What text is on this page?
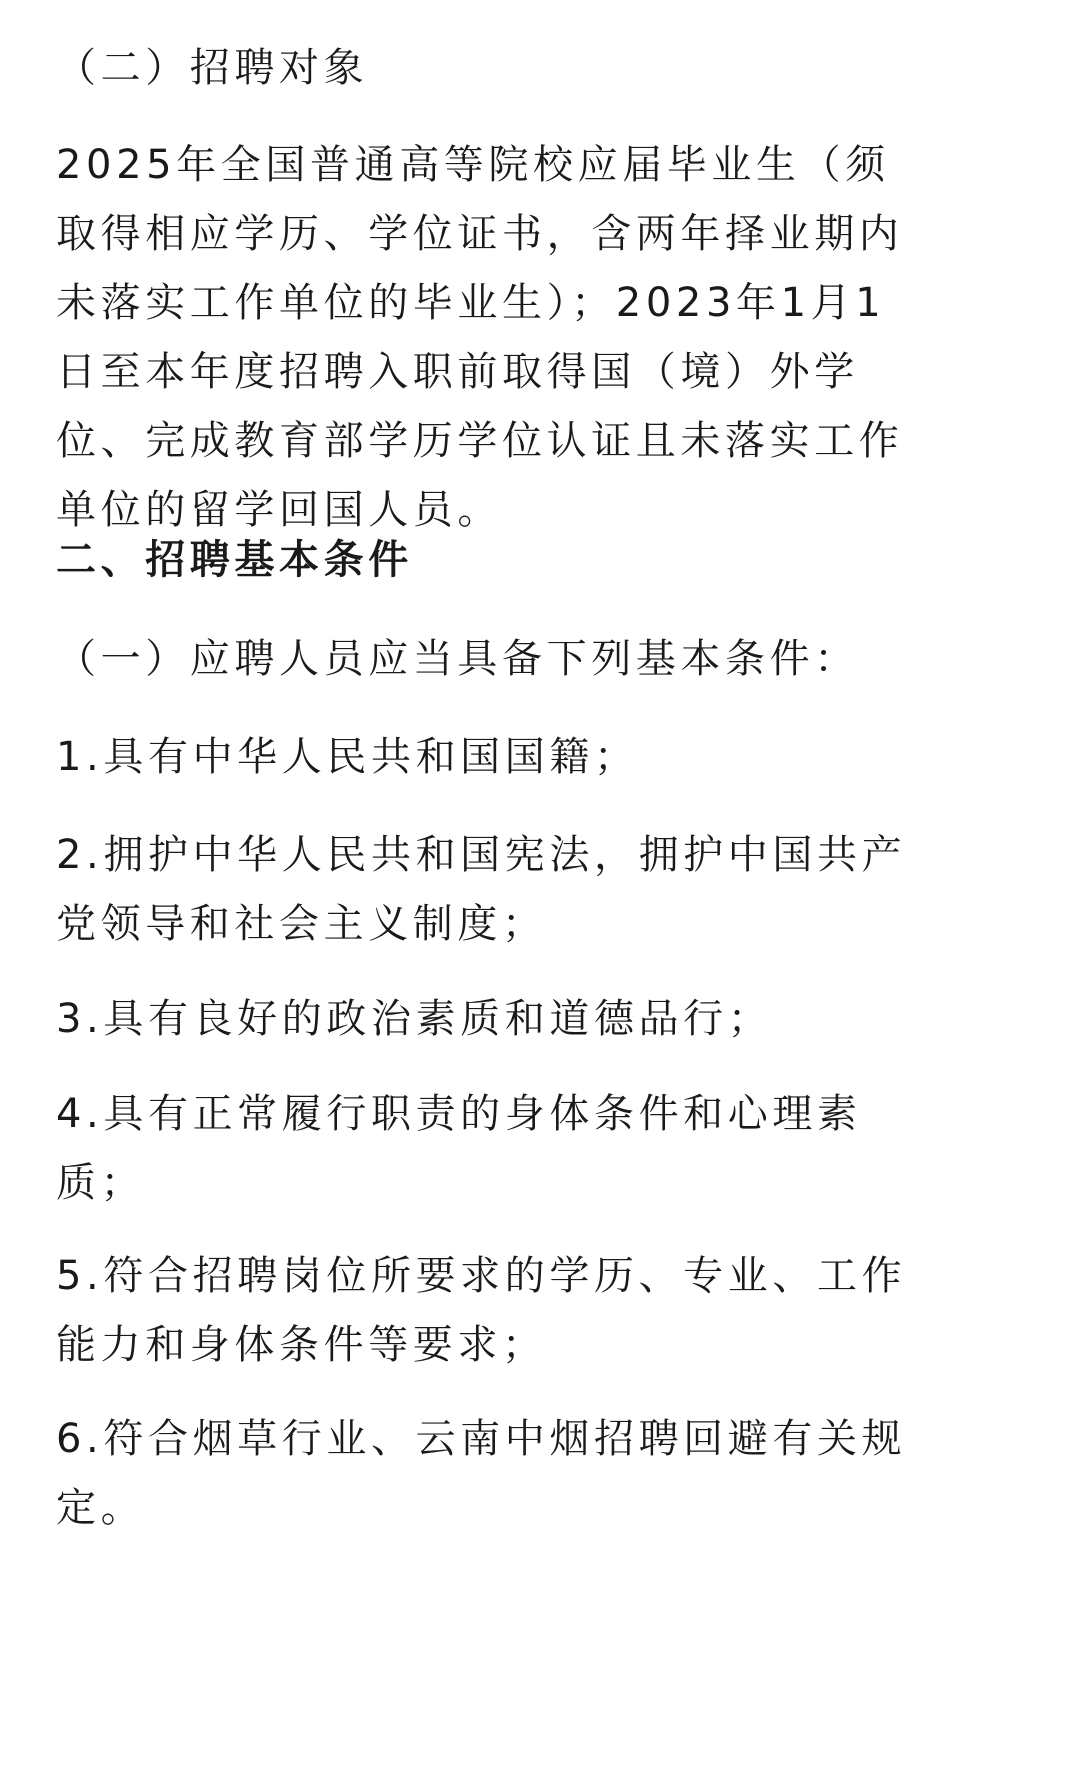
（二）招聘对象
2025年全国普通高等院校应届毕业生（须
取得相应学历、学位证书，含两年择业期内
未落实工作单位的毕业生）；2023年1月1
日至本年度招聘入职前取得国（境）外学
位、完成教育部学历学位认证且未落实工作
单位的留学回国人员。
二、招聘基本条件
（一）应聘人员应当具备下列基本条件：
1.具有中华人民共和国国籍；
2.拥护中华人民共和国宪法，拥护中国共产
党领导和社会主义制度；
3.具有良好的政治素质和道德品行；
4.具有正常履行职责的身体条件和心理素
质；
5.符合招聘岗位所要求的学历、专业、工作
能力和身体条件等要求；
6.符合烟草行业、云南中烟招聘回避有关规
定。
